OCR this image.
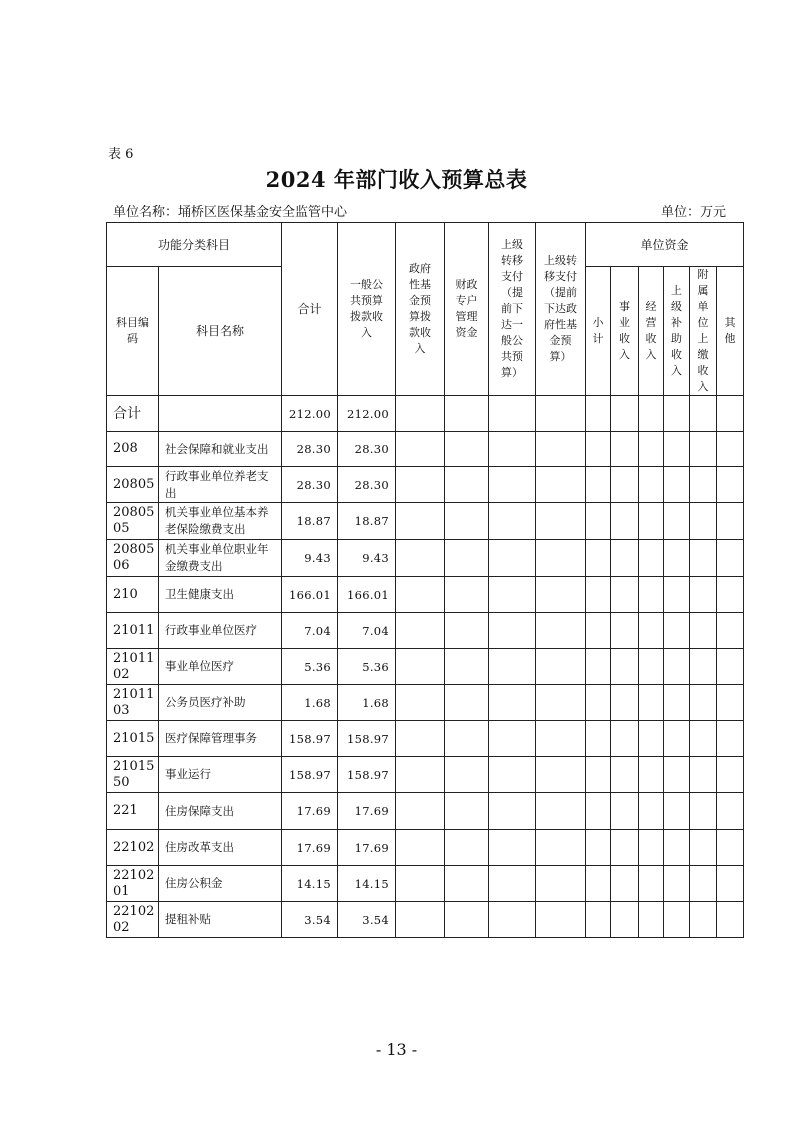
表 6
2024 年部门收入预算总表
单位名称：埇桥区医保基金安全监管中心	单位：万元
功能分类科目		合计	一般公共预算拨款收入	政府性基金预算拨款收入	财政专户管理资金	上级转移支付（提前下达一般公共预算）	上级转移支付（提前下达政府性基金预算）	单位资金					

科目编码	科目名称							小计	事业收入	经营收入	上级补助收入	附属单位上缴收入	其他

合计		212.00	212.00										
208	社会保障和就业支出	28.30	28.30										
20805	行政事业单位养老支出	28.30	28.30										
2080505	机关事业单位基本养老保险缴费支出	18.87	18.87										
2080506	机关事业单位职业年金缴费支出	9.43	9.43										
210	卫生健康支出	166.01	166.01										
21011	行政事业单位医疗	7.04	7.04										
2101102	事业单位医疗	5.36	5.36										
2101103	公务员医疗补助	1.68	1.68										
21015	医疗保障管理事务	158.97	158.97										
2101550	事业运行	158.97	158.97										
221	住房保障支出	17.69	17.69										
22102	住房改革支出	17.69	17.69										
2210201	住房公积金	14.15	14.15										
2210202	提租补贴	3.54	3.54										
- 13 -
